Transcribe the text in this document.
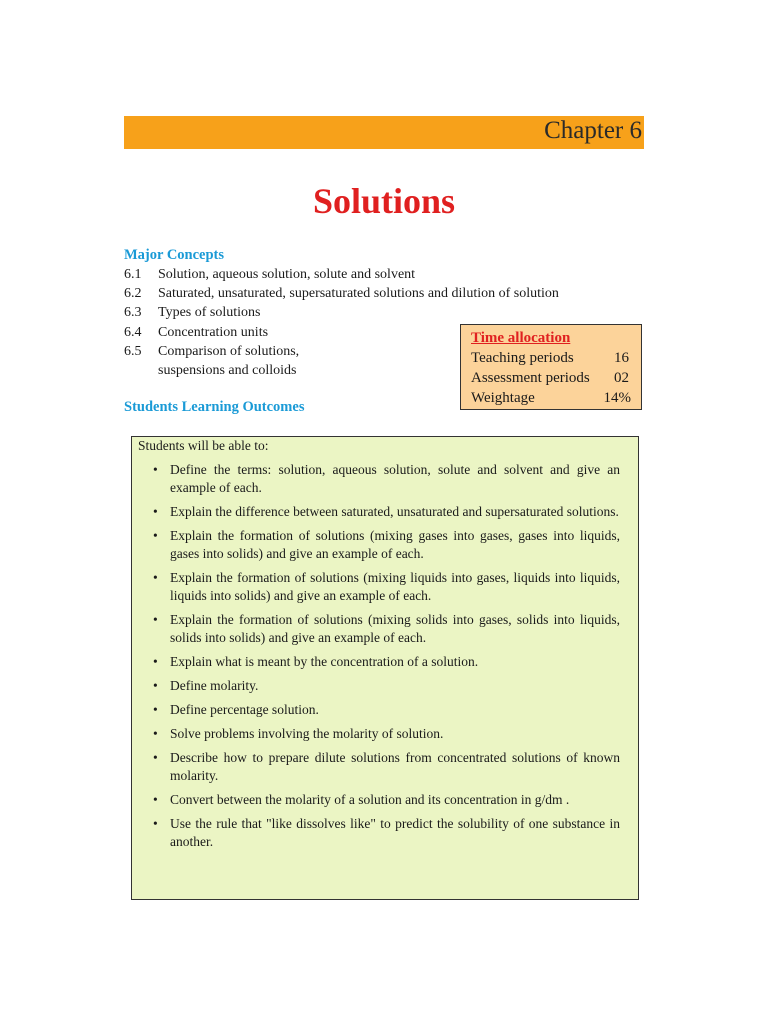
Chapter 6
Solutions
Major Concepts
6.1	Solution, aqueous solution, solute and solvent
6.2	Saturated, unsaturated, supersaturated solutions and dilution of solution
6.3	Types of solutions
6.4	Concentration units
6.5	Comparison of solutions,
suspensions and colloids
Time allocation
Teaching periods	16
Assessment periods 02
Weightage	14%
Students Learning Outcomes
Students will be able to:
• Define the terms: solution, aqueous solution, solute and solvent and give an example of each.
• Explain the difference between saturated, unsaturated and supersaturated solutions.
• Explain the formation of solutions (mixing gases into gases, gases into liquids, gases into solids) and give an example of each.
• Explain the formation of solutions (mixing liquids into gases, liquids into liquids, liquids into solids) and give an example of each.
• Explain the formation of solutions (mixing solids into gases, solids into liquids, solids into solids) and give an example of each.
• Explain what is meant by the concentration of a solution.
• Define molarity.
• Define percentage solution.
• Solve problems involving the molarity of solution.
• Describe how to prepare dilute solutions from concentrated solutions of known molarity.
• Convert between the molarity of a solution and its concentration in g/dm .
• Use the rule that "like dissolves like" to predict the solubility of one substance in another.
